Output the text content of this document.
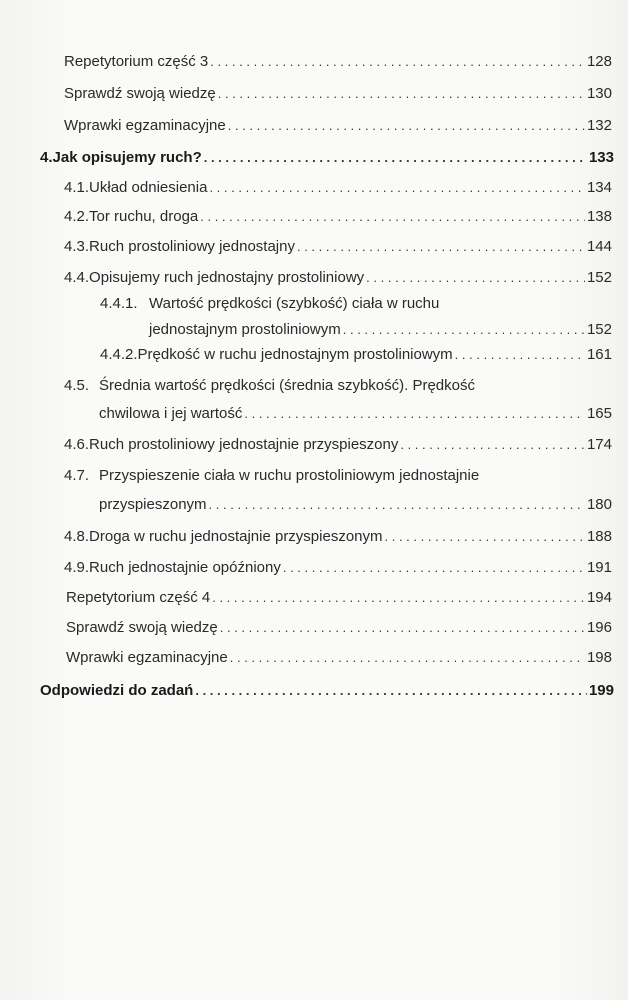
Repetytorium część 3 . . .	128
Sprawdź swoją wiedzę . . .	130
Wprawki egzaminacyjne . . .	132
4. Jak opisujemy ruch? . . .	133
4.1. Układ odniesienia . . .	134
4.2. Tor ruchu, droga . . .	138
4.3. Ruch prostoliniowy jednostajny . . .	144
4.4. Opisujemy ruch jednostajny prostoliniowy . . .	152
4.4.1. Wartość prędkości (szybkość) ciała w ruchu
jednostajnym prostoliniowym . . .	152
4.4.2. Prędkość w ruchu jednostajnym prostoliniowym . . .	161
4.5. Średnia wartość prędkości (średnia szybkość). Prędkość
chwilowa i jej wartość . . .	165
4.6. Ruch prostoliniowy jednostajnie przyspieszony . . .	174
4.7. Przyspieszenie ciała w ruchu prostoliniowym jednostajnie
przyspieszonym . . .	180
4.8. Droga w ruchu jednostajnie przyspieszonym . . .	188
4.9. Ruch jednostajnie opóźniony . . .	191
Repetytorium część 4 . . .	194
Sprawdź swoją wiedzę . . .	196
Wprawki egzaminacyjne . . .	198
Odpowiedzi do zadań . . .	199
